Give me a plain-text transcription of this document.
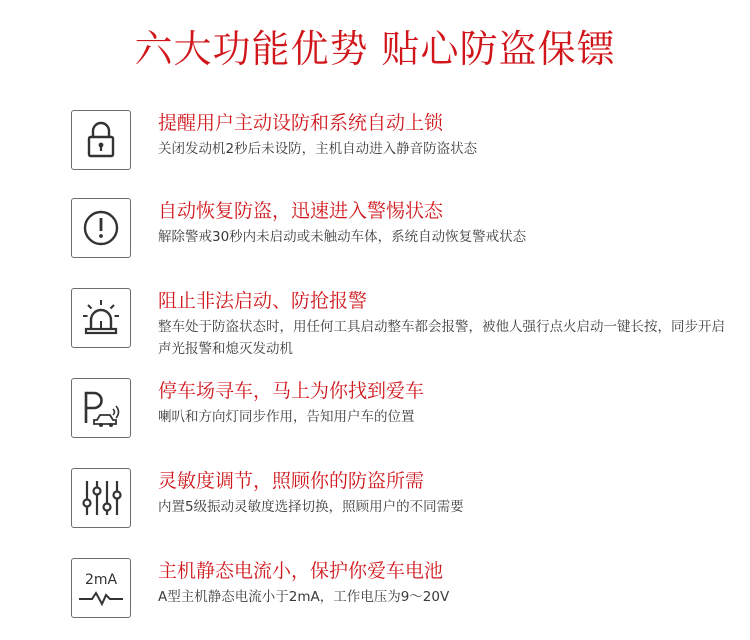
六大功能优势 贴心防盗保镖
提醒用户主动设防和系统自动上锁
关闭发动机2秒后未设防，主机自动进入静音防盗状态
自动恢复防盗，迅速进入警惕状态
解除警戒30秒内未启动或未触动车体，系统自动恢复警戒状态
阻止非法启动、防抢报警
整车处于防盗状态时，用任何工具启动整车都会报警，被他人强行点火启动一键长按，同步开启声光报警和熄灭发动机
停车场寻车，马上为你找到爱车
喇叭和方向灯同步作用，告知用户车的位置
灵敏度调节，照顾你的防盗所需
内置5级振动灵敏度选择切换，照顾用户的不同需要
2mA 主机静态电流小，保护你爱车电池
A型主机静态电流小于2mA，工作电压为9～20V
